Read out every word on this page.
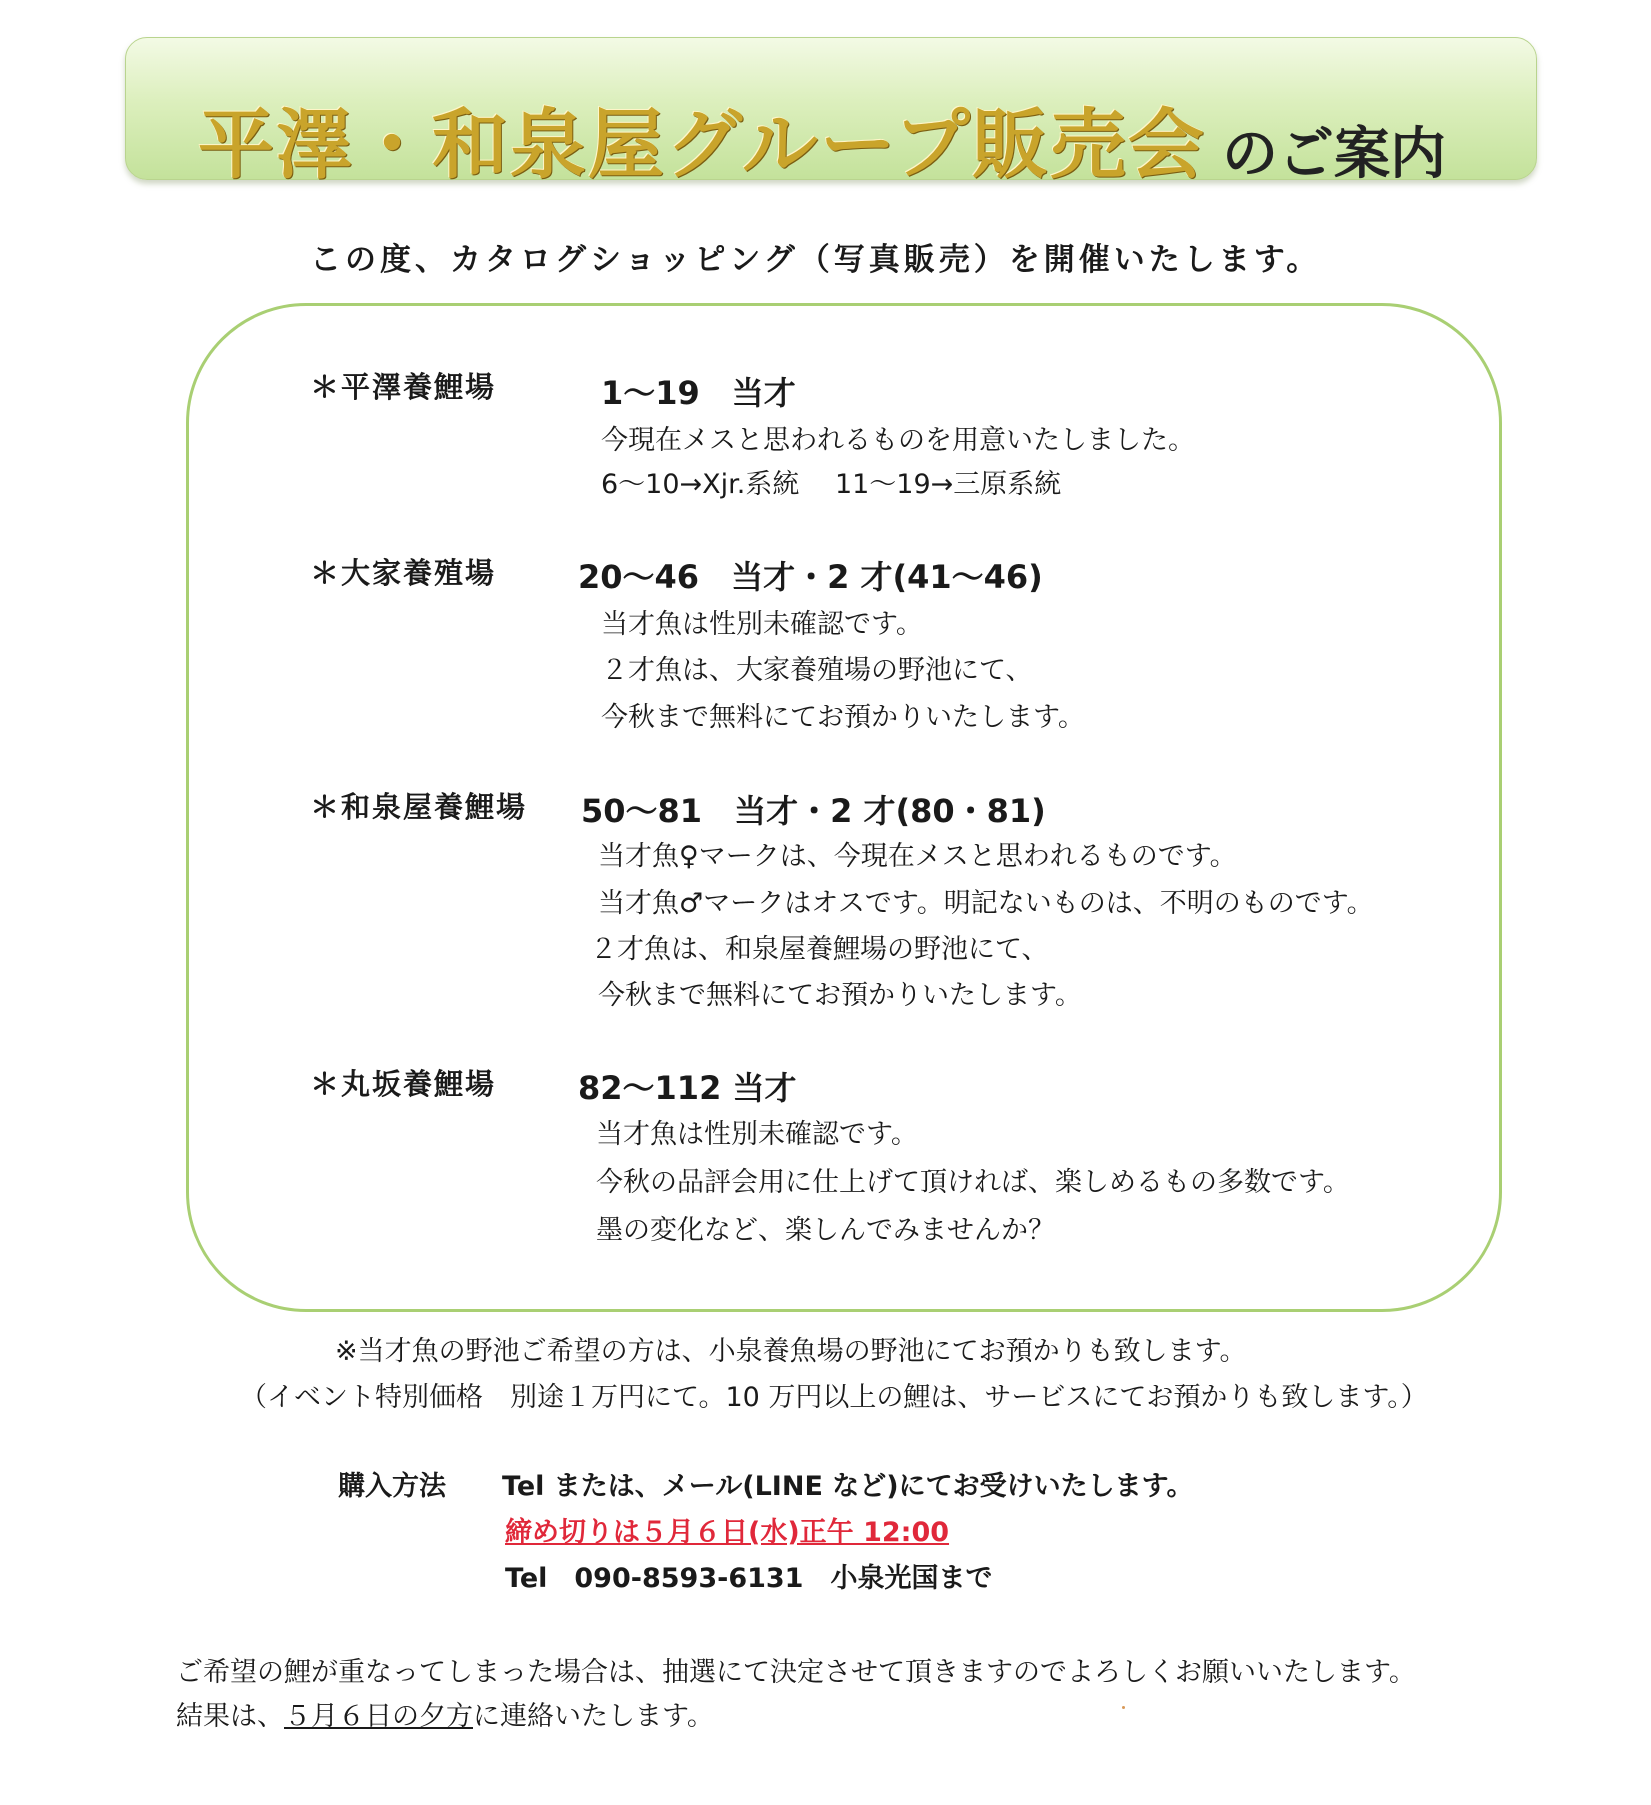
平澤・和泉屋グループ販売会 のご案内
この度、カタログショッピング（写真販売）を開催いたします。
＊平澤養鯉場	1〜19　当才
今現在メスと思われるものを用意いたしました。
6〜10→Xjr.系統　 11〜19→三原系統
＊大家養殖場	20〜46　当才・2 才(41〜46)
当才魚は性別未確認です。
２才魚は、大家養殖場の野池にて、
今秋まで無料にてお預かりいたします。
＊和泉屋養鯉場 50〜81　当才・2 才(80・81)
当才魚♀マークは、今現在メスと思われるものです。
当才魚♂マークはオスです。明記ないものは、不明のものです。
２才魚は、和泉屋養鯉場の野池にて、
今秋まで無料にてお預かりいたします。
＊丸坂養鯉場	82〜112 当才
当才魚は性別未確認です。
今秋の品評会用に仕上げて頂ければ、楽しめるもの多数です。
墨の変化など、楽しんでみませんか？
※当才魚の野池ご希望の方は、小泉養魚場の野池にてお預かりも致します。
（イベント特別価格　別途１万円にて。10 万円以上の鯉は、サービスにてお預かりも致します。）
購入方法 Tel または、メール(LINE など)にてお受けいたします。
締め切りは５月６日(水)正午 12:00
Tel　090-8593-6131　小泉光国まで
ご希望の鯉が重なってしまった場合は、抽選にて決定させて頂きますのでよろしくお願いいたします。
結果は、５月６日の夕方に連絡いたします。
